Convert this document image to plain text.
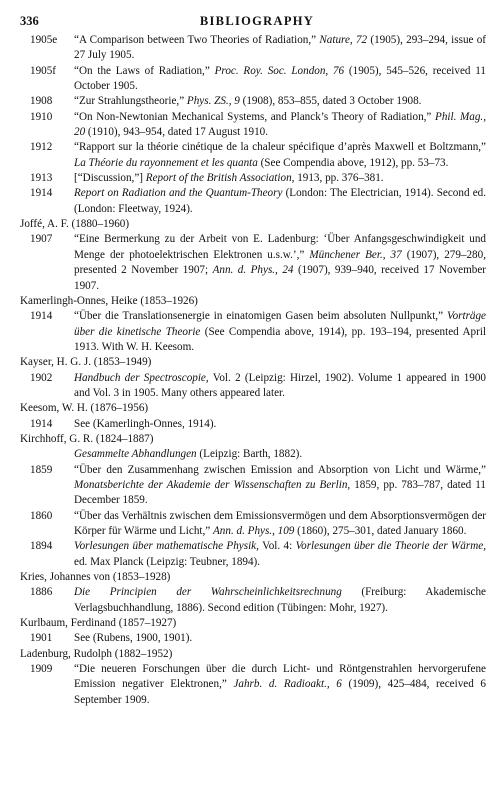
336	BIBLIOGRAPHY
1905e	“A Comparison between Two Theories of Radiation,” Nature, 72 (1905), 293–294, issue of 27 July 1905.
1905f	“On the Laws of Radiation,” Proc. Roy. Soc. London, 76 (1905), 545–526, received 11 October 1905.
1908	“Zur Strahlungstheorie,” Phys. ZS., 9 (1908), 853–855, dated 3 October 1908.
1910	“On Non-Newtonian Mechanical Systems, and Planck’s Theory of Radiation,” Phil. Mag., 20 (1910), 943–954, dated 17 August 1910.
1912	“Rapport sur la théorie cinétique de la chaleur spécifique d’après Maxwell et Boltzmann,” La Théorie du rayonnement et les quanta (See Compendia above, 1912), pp. 53–73.
1913	[“Discussion,”] Report of the British Association, 1913, pp. 376–381.
1914	Report on Radiation and the Quantum-Theory (London: The Electrician, 1914). Second ed. (London: Fleetway, 1924).
Joffé, A. F. (1880–1960)
1907	“Eine Bermerkung zu der Arbeit von E. Ladenburg: ‘Über Anfangsgeschwindigkeit und Menge der photoelektrischen Elektronen u.s.w.’,” Münchener Ber., 37 (1907), 279–280, presented 2 November 1907; Ann. d. Phys., 24 (1907), 939–940, received 17 November 1907.
Kamerlingh-Onnes, Heike (1853–1926)
1914	“Über die Translationsenergie in einatomigen Gasen beim absoluten Nullpunkt,” Vorträge über die kinetische Theorie (See Compendia above, 1914), pp. 193–194, presented April 1913. With W. H. Keesom.
Kayser, H. G. J. (1853–1949)
1902	Handbuch der Spectroscopie, Vol. 2 (Leipzig: Hirzel, 1902). Volume 1 appeared in 1900 and Vol. 3 in 1905. Many others appeared later.
Keesom, W. H. (1876–1956)
1914	See (Kamerlingh-Onnes, 1914).
Kirchhoff, G. R. (1824–1887)
Gesammelte Abhandlungen (Leipzig: Barth, 1882).
1859	“Über den Zusammenhang zwischen Emission and Absorption von Licht und Wärme,” Monatsberichte der Akademie der Wissenschaften zu Berlin, 1859, pp. 783–787, dated 11 December 1859.
1860	“Über das Verhältnis zwischen dem Emissionsvermögen und dem Absorptionsvermögen der Körper für Wärme und Licht,” Ann. d. Phys., 109 (1860), 275–301, dated January 1860.
1894	Vorlesungen über mathematische Physik, Vol. 4: Vorlesungen über die Theorie der Wärme, ed. Max Planck (Leipzig: Teubner, 1894).
Kries, Johannes von (1853–1928)
1886	Die Principien der Wahrscheinlichkeitsrechnung (Freiburg: Akademische Verlagsbuchhandlung, 1886). Second edition (Tübingen: Mohr, 1927).
Kurlbaum, Ferdinand (1857–1927)
1901	See (Rubens, 1900, 1901).
Ladenburg, Rudolph (1882–1952)
1909	“Die neueren Forschungen über die durch Licht- und Röntgenstrahlen hervorgerufene Emission negativer Elektronen,” Jahrb. d. Radioakt., 6 (1909), 425–484, received 6 September 1909.
